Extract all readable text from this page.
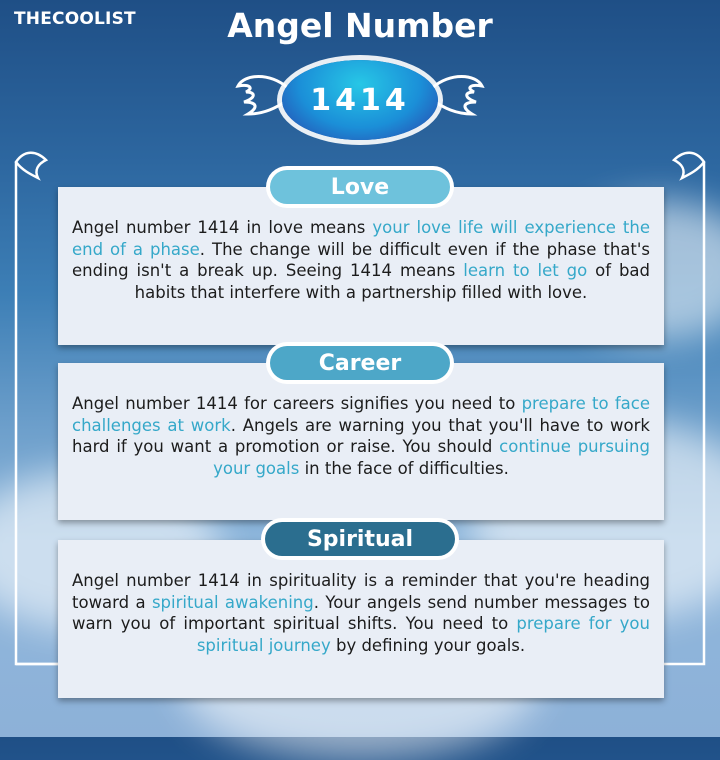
THECOOLIST	Angel Number
1414

Angel number 1414 in love means your love life will experience the end of a phase. The change will be difficult even if the phase that's ending isn't a break up. Seeing 1414 means learn to let go of bad habits that interfere with a partnership filled with love.

Love

Angel number 1414 for careers signifies you need to prepare to face challenges at work. Angels are warning you that you'll have to work hard if you want a promotion or raise. You should continue pursuing your goals in the face of difficulties.

Career

Angel number 1414 in spirituality is a reminder that you're heading toward a spiritual awakening. Your angels send number messages to warn you of important spiritual shifts. You need to prepare for you spiritual journey by defining your goals.

Spiritual
